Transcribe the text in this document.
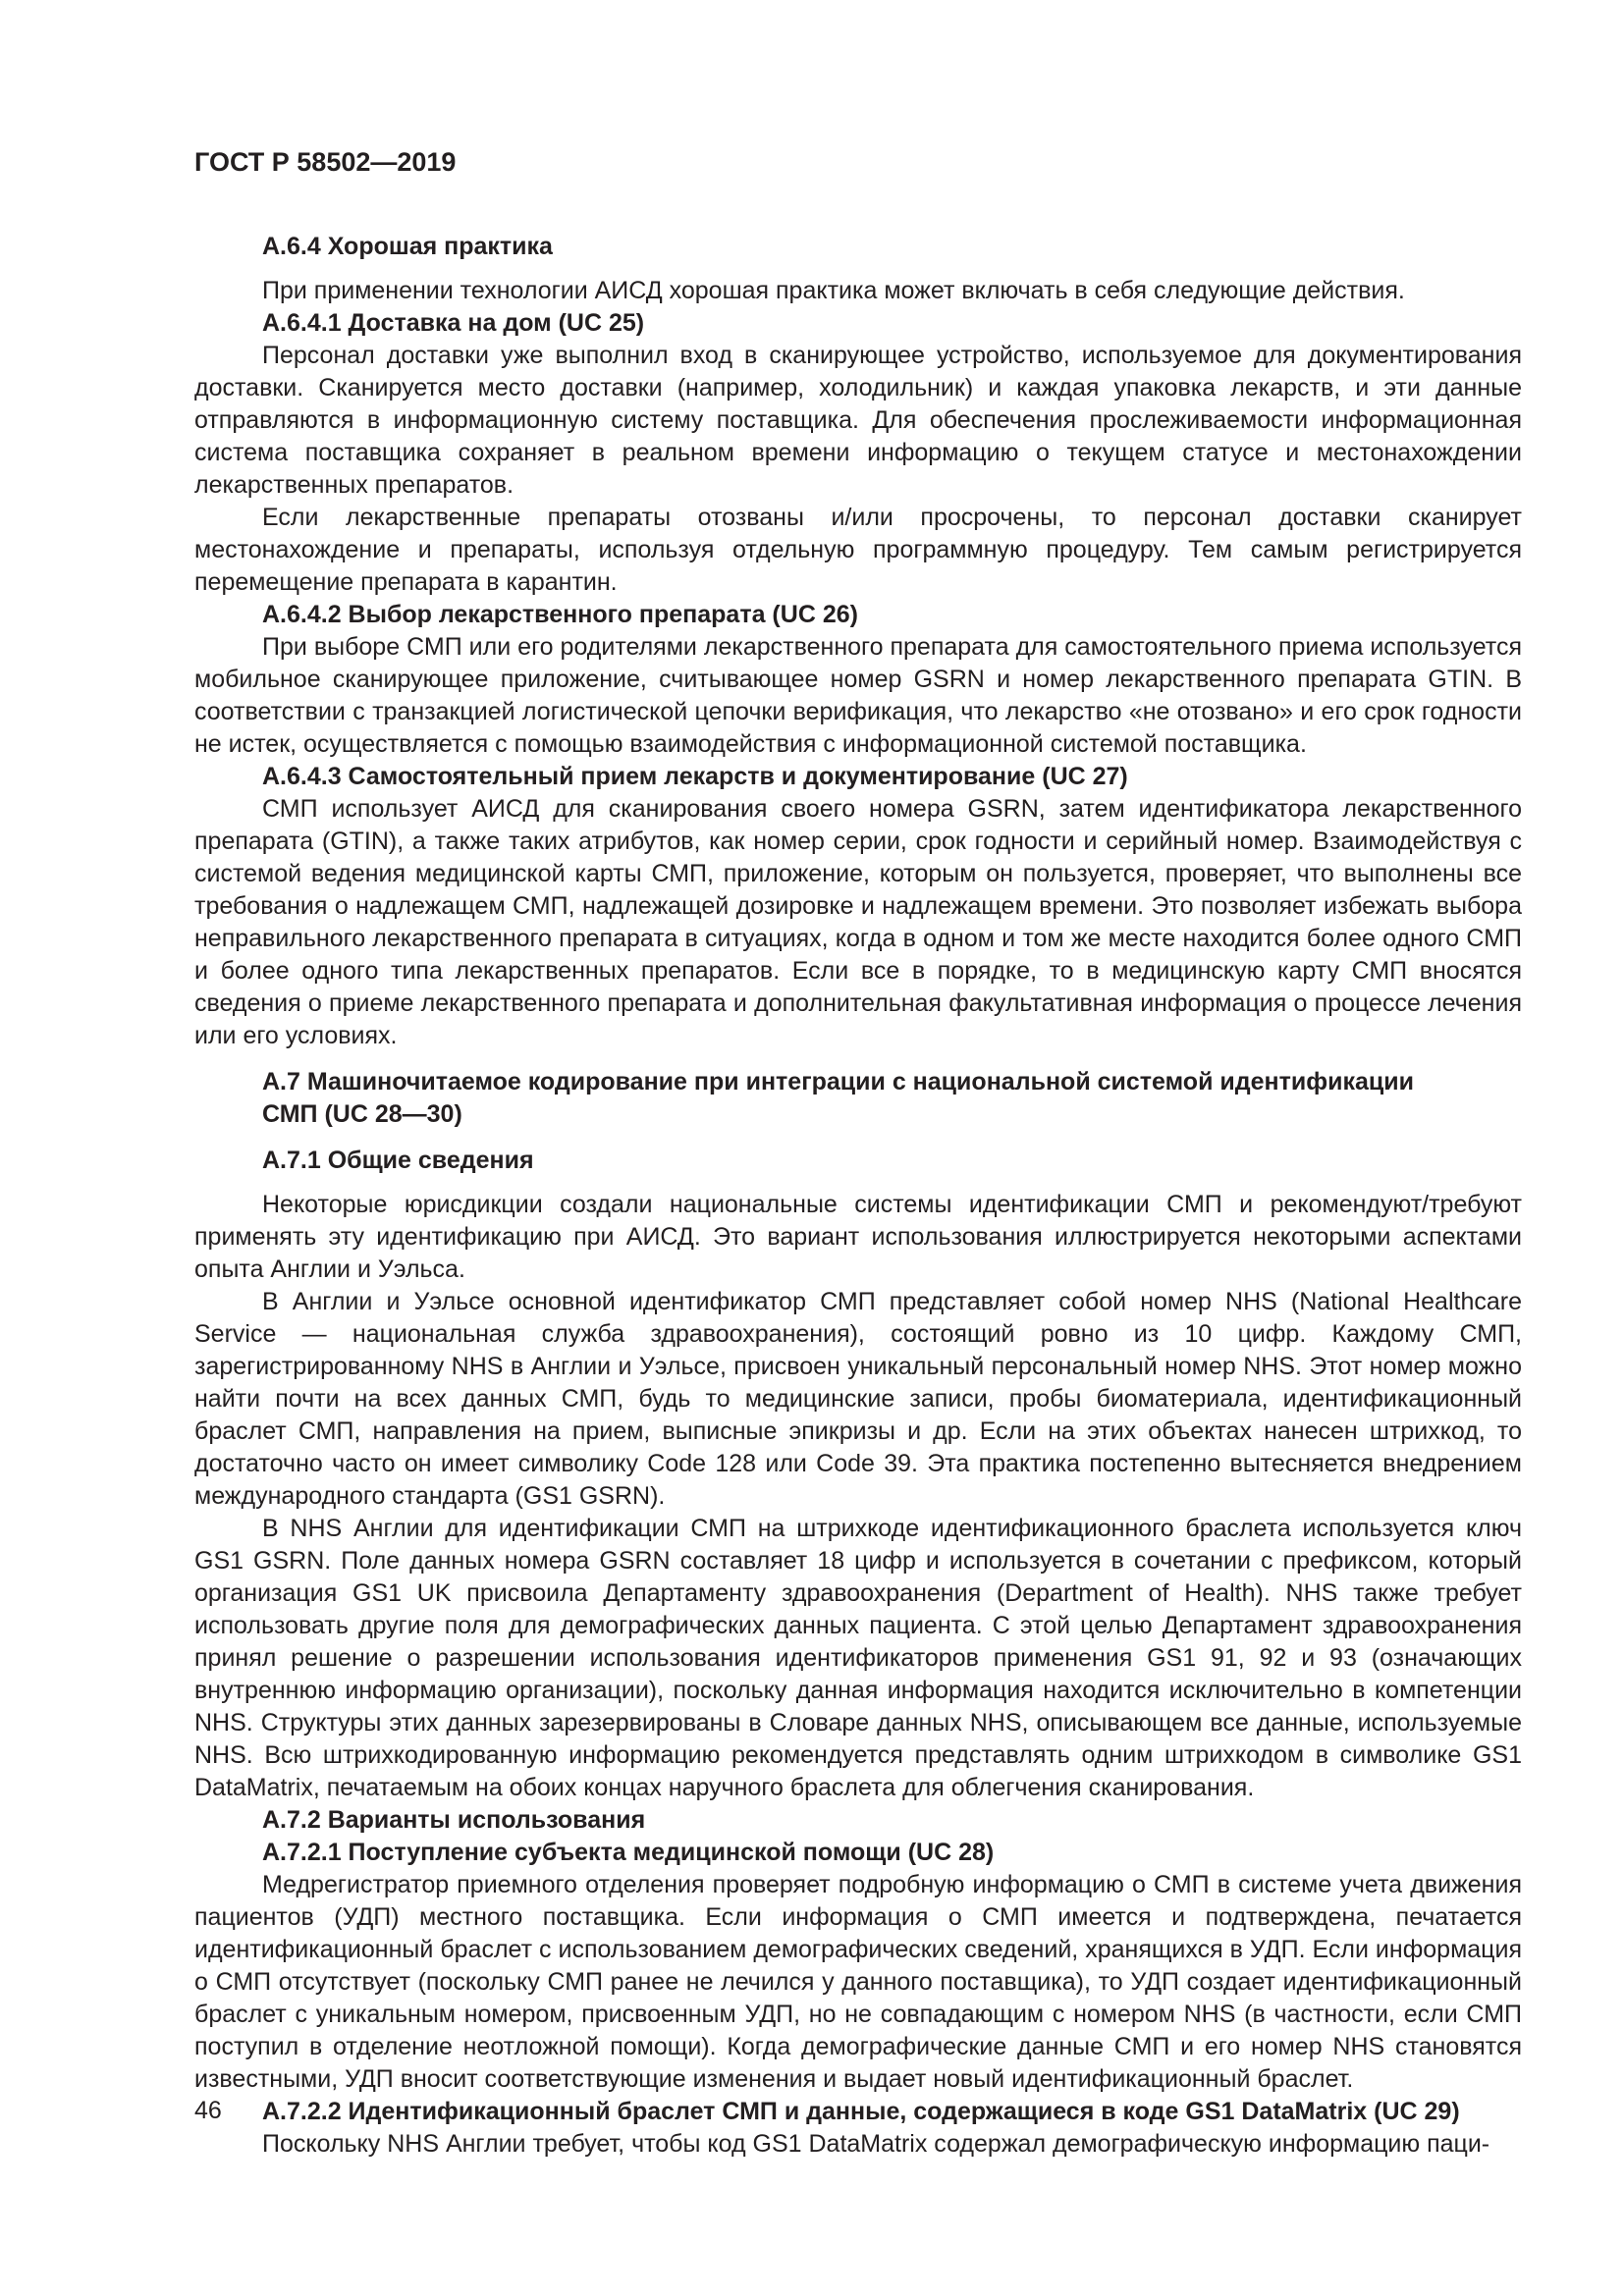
ГОСТ Р 58502—2019
А.6.4 Хорошая практика

При применении технологии АИСД хорошая практика может включать в себя следующие действия.

А.6.4.1 Доставка на дом (UC 25)

Персонал доставки уже выполнил вход в сканирующее устройство, используемое для документирования доставки. Сканируется место доставки (например, холодильник) и каждая упаковка лекарств, и эти данные отправляются в информационную систему поставщика. Для обеспечения прослеживаемости информационная система поставщика сохраняет в реальном времени информацию о текущем статусе и местонахождении лекарственных препаратов.

Если лекарственные препараты отозваны и/или просрочены, то персонал доставки сканирует местонахождение и препараты, используя отдельную программную процедуру. Тем самым регистрируется перемещение препарата в карантин.

А.6.4.2 Выбор лекарственного препарата (UC 26)

При выборе СМП или его родителями лекарственного препарата для самостоятельного приема используется мобильное сканирующее приложение, считывающее номер GSRN и номер лекарственного препарата GTIN. В соответствии с транзакцией логистической цепочки верификация, что лекарство «не отозвано» и его срок годности не истек, осуществляется с помощью взаимодействия с информационной системой поставщика.

А.6.4.3 Самостоятельный прием лекарств и документирование (UC 27)

СМП использует АИСД для сканирования своего номера GSRN, затем идентификатора лекарственного препарата (GTIN), а также таких атрибутов, как номер серии, срок годности и серийный номер. Взаимодействуя с системой ведения медицинской карты СМП, приложение, которым он пользуется, проверяет, что выполнены все требования о надлежащем СМП, надлежащей дозировке и надлежащем времени. Это позволяет избежать выбора неправильного лекарственного препарата в ситуациях, когда в одном и том же месте находится более одного СМП и более одного типа лекарственных препаратов. Если все в порядке, то в медицинскую карту СМП вносятся сведения о приеме лекарственного препарата и дополнительная факультативная информация о процессе лечения или его условиях.

А.7 Машиночитаемое кодирование при интеграции с национальной системой идентификации
СМП (UC 28—30)
А.7.1 Общие сведения

Некоторые юрисдикции создали национальные системы идентификации СМП и рекомендуют/требуют применять эту идентификацию при АИСД. Это вариант использования иллюстрируется некоторыми аспектами опыта Англии и Уэльса.

В Англии и Уэльсе основной идентификатор СМП представляет собой номер NHS (National Healthcare Service — национальная служба здравоохранения), состоящий ровно из 10 цифр. Каждому СМП, зарегистрированному NHS в Англии и Уэльсе, присвоен уникальный персональный номер NHS. Этот номер можно найти почти на всех данных СМП, будь то медицинские записи, пробы биоматериала, идентификационный браслет СМП, направления на прием, выписные эпикризы и др. Если на этих объектах нанесен штрихкод, то достаточно часто он имеет символику Code 128 или Code 39. Эта практика постепенно вытесняется внедрением международного стандарта (GS1 GSRN).

В NHS Англии для идентификации СМП на штрихкоде идентификационного браслета используется ключ GS1 GSRN. Поле данных номера GSRN составляет 18 цифр и используется в сочетании с префиксом, который организация GS1 UK присвоила Департаменту здравоохранения (Department of Health). NHS также требует использовать другие поля для демографических данных пациента. С этой целью Департамент здравоохранения принял решение о разрешении использования идентификаторов применения GS1 91, 92 и 93 (означающих внутреннюю информацию организации), поскольку данная информация находится исключительно в компетенции NHS. Структуры этих данных зарезервированы в Словаре данных NHS, описывающем все данные, используемые NHS. Всю штрихкодированную информацию рекомендуется представлять одним штрихкодом в символике GS1 DataMatrix, печатаемым на обоих концах наручного браслета для облегчения сканирования.

А.7.2 Варианты использования
А.7.2.1 Поступление субъекта медицинской помощи (UC 28)

Медрегистратор приемного отделения проверяет подробную информацию о СМП в системе учета движения пациентов (УДП) местного поставщика. Если информация о СМП имеется и подтверждена, печатается идентификационный браслет с использованием демографических сведений, хранящихся в УДП. Если информация о СМП отсутствует (поскольку СМП ранее не лечился у данного поставщика), то УДП создает идентификационный браслет с уникальным номером, присвоенным УДП, но не совпадающим с номером NHS (в частности, если СМП поступил в отделение неотложной помощи). Когда демографические данные СМП и его номер NHS становятся известными, УДП вносит соответствующие изменения и выдает новый идентификационный браслет.

А.7.2.2 Идентификационный браслет СМП и данные, содержащиеся в коде GS1 DataMatrix (UC 29)

Поскольку NHS Англии требует, чтобы код GS1 DataMatrix содержал демографическую информацию паци-

46
